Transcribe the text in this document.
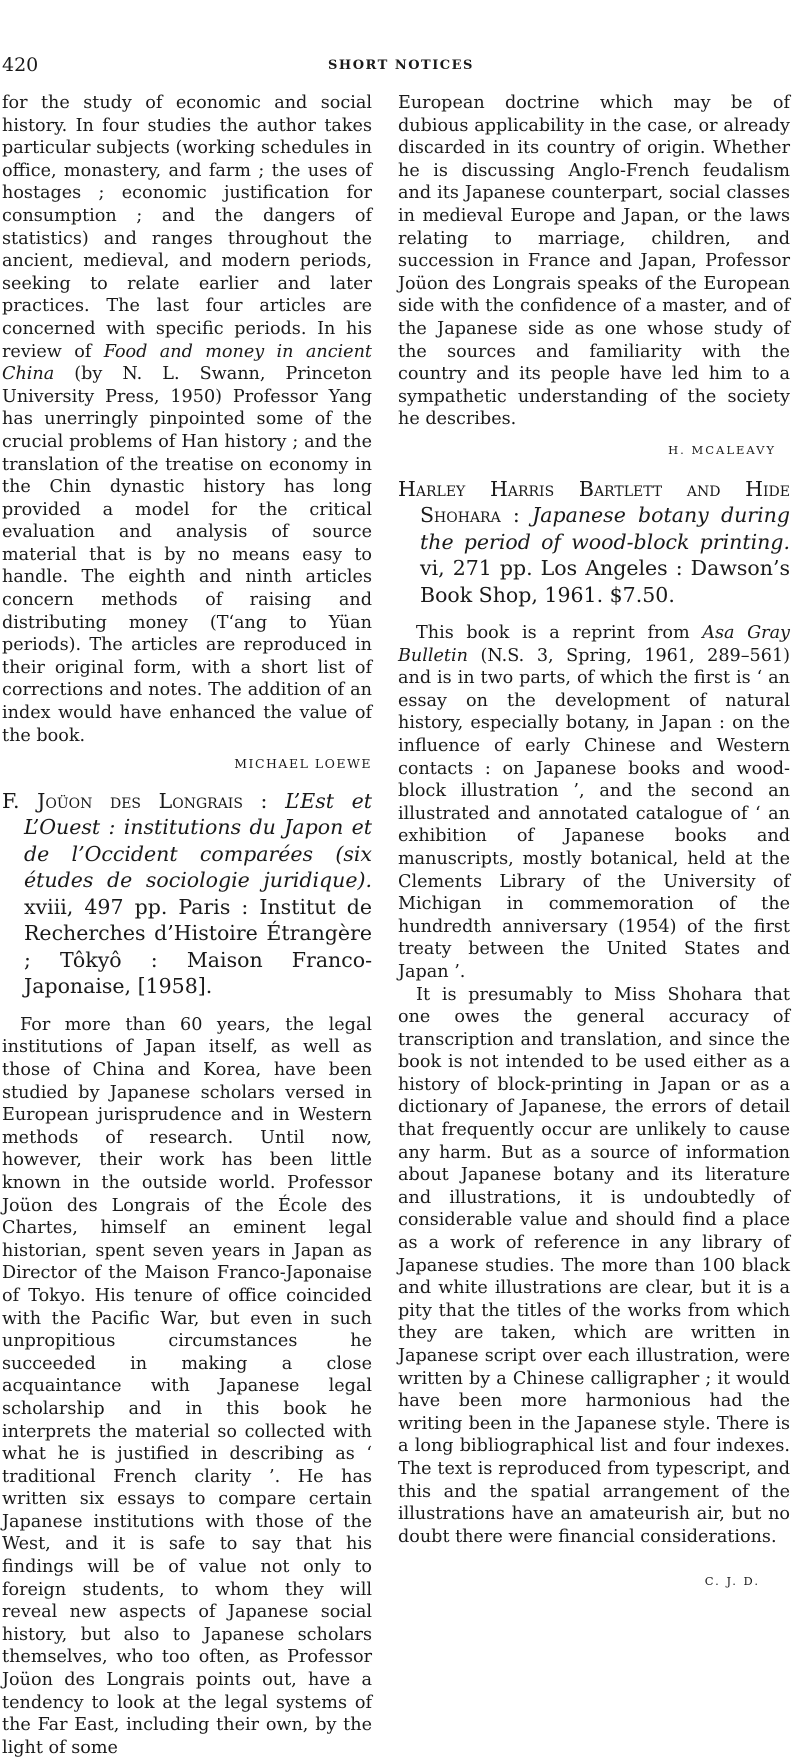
420	SHORT NOTICES

for the study of economic and social history. In four studies the author takes particular subjects (working schedules in office, monastery, and farm ; the uses of hostages ; economic justification for consumption ; and the dangers of statistics) and ranges throughout the ancient, medieval, and modern periods, seeking to relate earlier and later practices. The last four articles are concerned with specific periods. In his review of Food and money in ancient China (by N. L. Swann, Princeton University Press, 1950) Professor Yang has unerringly pinpointed some of the crucial problems of Han history ; and the translation of the treatise on economy in the Chin dynastic history has long provided a model for the critical evaluation and analysis of source material that is by no means easy to handle. The eighth and ninth articles concern methods of raising and distributing money (T‘ang to Yüan periods). The articles are reproduced in their original form, with a short list of corrections and notes. The addition of an index would have enhanced the value of the book.

MICHAEL LOEWE
F. Joüon des Longrais : L’Est et L’Ouest : institutions du Japon et de l’Occident comparées (six études de sociologie juridique). xviii, 497 pp. Paris : Institut de Recherches d’Histoire Étrangère ; Tôkyô : Maison Franco-Japonaise, [1958].

For more than 60 years, the legal institutions of Japan itself, as well as those of China and Korea, have been studied by Japanese scholars versed in European jurisprudence and in Western methods of research. Until now, however, their work has been little known in the outside world. Professor Joüon des Longrais of the École des Chartes, himself an eminent legal historian, spent seven years in Japan as Director of the Maison Franco-Japonaise of Tokyo. His tenure of office coincided with the Pacific War, but even in such unpropitious circumstances he succeeded in making a close acquaintance with Japanese legal scholarship and in this book he interprets the material so collected with what he is justified in describing as ‘ traditional French clarity ’. He has written six essays to compare certain Japanese institutions with those of the West, and it is safe to say that his findings will be of value not only to foreign students, to whom they will reveal new aspects of Japanese social history, but also to Japanese scholars themselves, who too often, as Professor Joüon des Longrais points out, have a tendency to look at the legal systems of the Far East, including their own, by the light of some

European doctrine which may be of dubious applicability in the case, or already discarded in its country of origin. Whether he is discussing Anglo-French feudalism and its Japanese counterpart, social classes in medieval Europe and Japan, or the laws relating to marriage, children, and succession in France and Japan, Professor Joüon des Longrais speaks of the European side with the confidence of a master, and of the Japanese side as one whose study of the sources and familiarity with the country and its people have led him to a sympathetic understanding of the society he describes.

H. MCALEAVY
Harley Harris Bartlett and Hide Shohara : Japanese botany during the period of wood-block printing. vi, 271 pp. Los Angeles : Dawson’s Book Shop, 1961. $7.50.

This book is a reprint from Asa Gray Bulletin (N.S. 3, Spring, 1961, 289–561) and is in two parts, of which the first is ‘ an essay on the development of natural history, especially botany, in Japan : on the influence of early Chinese and Western contacts : on Japanese books and wood-block illustration ’, and the second an illustrated and annotated catalogue of ‘ an exhibition of Japanese books and manuscripts, mostly botanical, held at the Clements Library of the University of Michigan in commemoration of the hundredth anniversary (1954) of the first treaty between the United States and Japan ’.

It is presumably to Miss Shohara that one owes the general accuracy of transcription and translation, and since the book is not intended to be used either as a history of block-printing in Japan or as a dictionary of Japanese, the errors of detail that frequently occur are unlikely to cause any harm. But as a source of information about Japanese botany and its literature and illustrations, it is undoubtedly of considerable value and should find a place as a work of reference in any library of Japanese studies. The more than 100 black and white illustrations are clear, but it is a pity that the titles of the works from which they are taken, which are written in Japanese script over each illustration, were written by a Chinese calligrapher ; it would have been more harmonious had the writing been in the Japanese style. There is a long bibliographical list and four indexes. The text is reproduced from typescript, and this and the spatial arrangement of the illustrations have an amateurish air, but no doubt there were financial considerations.

C. J. D.
